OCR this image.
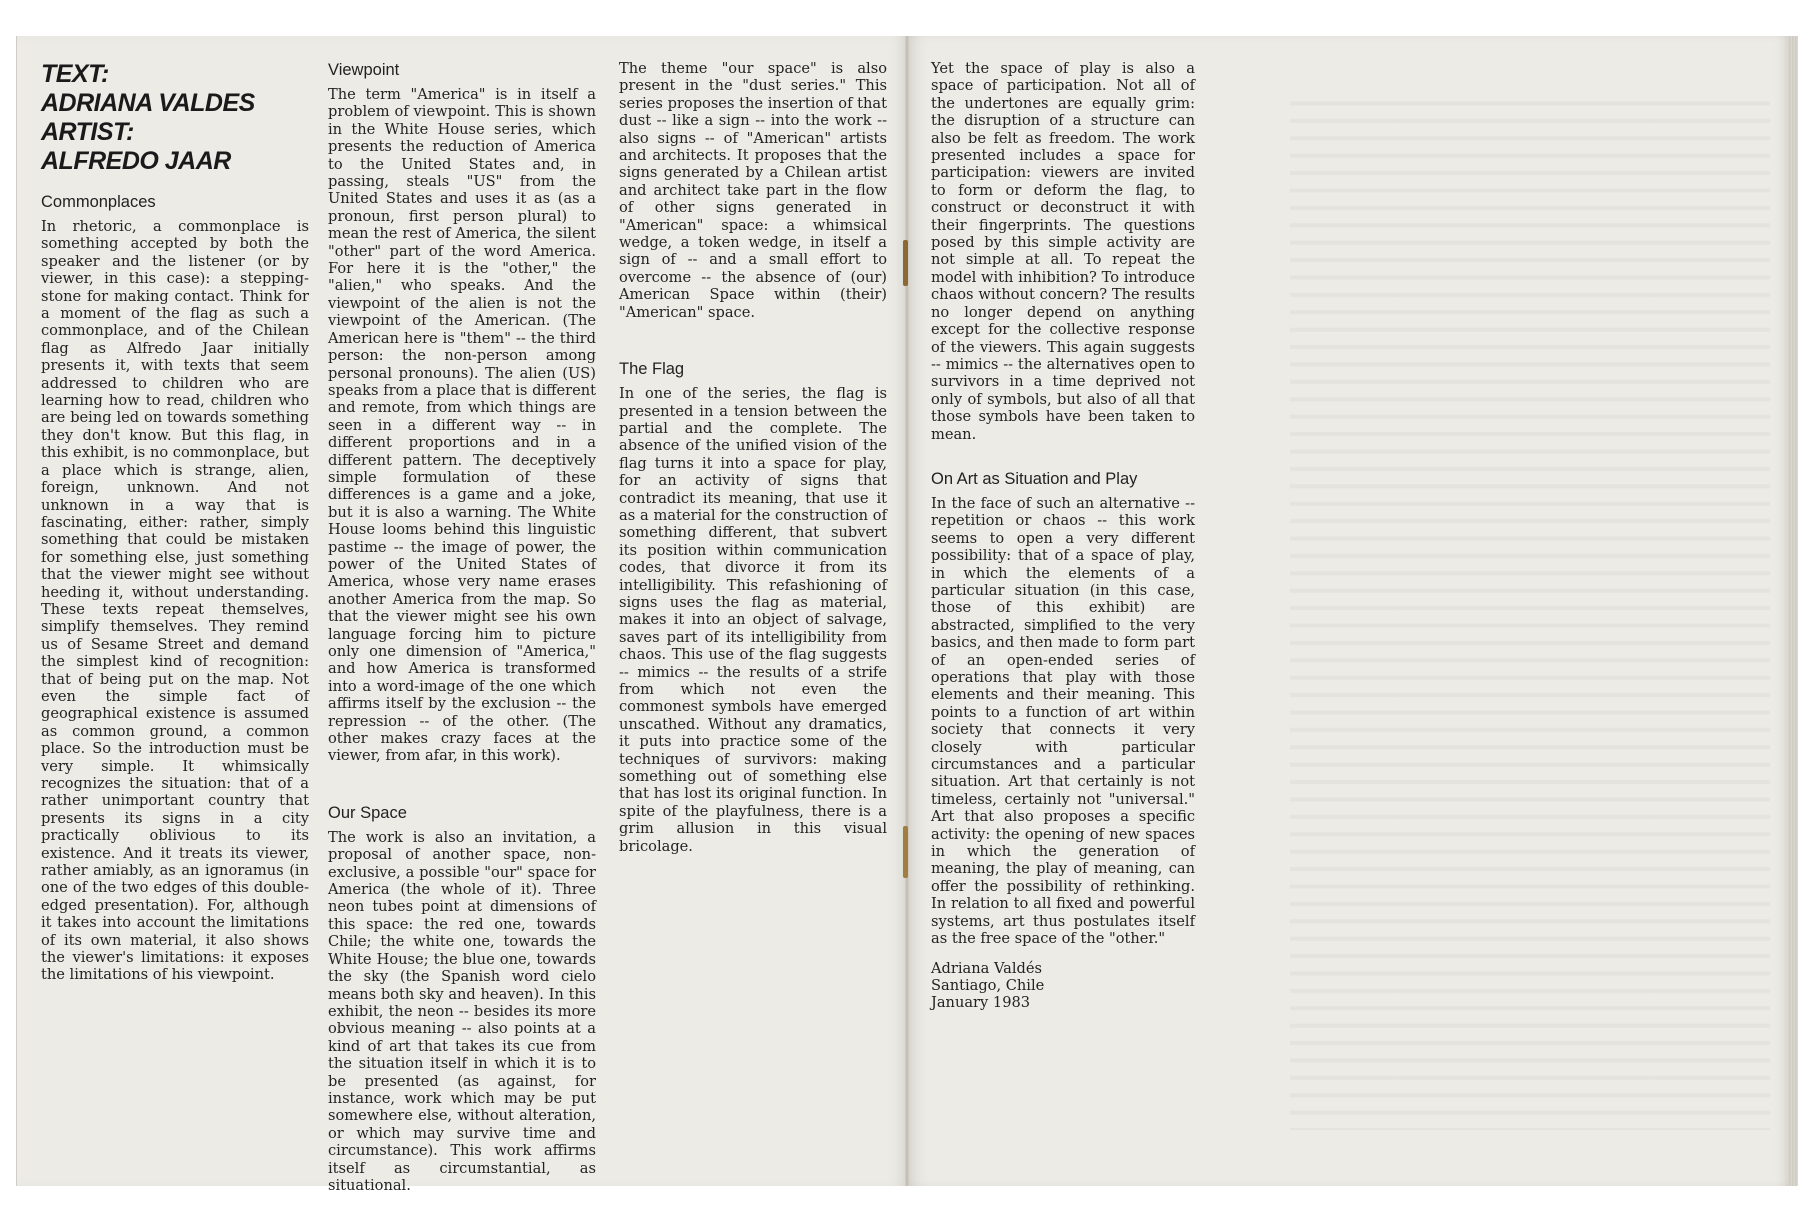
TEXT:

ADRIANA VALDES

ARTIST:

ALFREDO JAAR

Commonplaces

In rhetoric, a commonplace is something accepted by both the speaker and the listener (or by viewer, in this case): a stepping-stone for making contact. Think for a moment of the flag as such a commonplace, and of the Chilean flag as Alfredo Jaar initially presents it, with texts that seem addressed to children who are learning how to read, children who are being led on towards something they don't know. But this flag, in this exhibit, is no commonplace, but a place which is strange, alien, foreign, unknown. And not unknown in a way that is fascinating, either: rather, simply something that could be mistaken for something else, just something that the viewer might see without heeding it, without understanding. These texts repeat themselves, simplify themselves. They remind us of Sesame Street and demand the simplest kind of recognition: that of being put on the map. Not even the simple fact of geographical existence is assumed as common ground, a common place. So the introduction must be very simple. It whimsically recognizes the situation: that of a rather unimportant country that presents its signs in a city practically oblivious to its existence. And it treats its viewer, rather amiably, as an ignoramus (in one of the two edges of this double-edged presentation). For, although it takes into account the limitations of its own material, it also shows the viewer's limitations: it exposes the limitations of his viewpoint.

Viewpoint

The term "America" is in itself a problem of viewpoint. This is shown in the White House series, which presents the reduction of America to the United States and, in passing, steals "US" from the United States and uses it as (as a pronoun, first person plural) to mean the rest of America, the silent "other" part of the word America. For here it is the "other," the "alien," who speaks. And the viewpoint of the alien is not the viewpoint of the American. (The American here is "them" -- the third person: the non-person among personal pronouns). The alien (US) speaks from a place that is different and remote, from which things are seen in a different way -- in different proportions and in a different pattern. The deceptively simple formulation of these differences is a game and a joke, but it is also a warning. The White House looms behind this linguistic pastime -- the image of power, the power of the United States of America, whose very name erases another America from the map. So that the viewer might see his own language forcing him to picture only one dimension of "America," and how America is transformed into a word-image of the one which affirms itself by the exclusion -- the repression -- of the other. (The other makes crazy faces at the viewer, from afar, in this work).

Our Space

The work is also an invitation, a proposal of another space, non-exclusive, a possible "our" space for America (the whole of it). Three neon tubes point at dimensions of this space: the red one, towards Chile; the white one, towards the White House; the blue one, towards the sky (the Spanish word cielo means both sky and heaven). In this exhibit, the neon -- besides its more obvious meaning -- also points at a kind of art that takes its cue from the situation itself in which it is to be presented (as against, for instance, work which may be put somewhere else, without alteration, or which may survive time and circumstance). This work affirms itself as circumstantial, as situational.

The theme "our space" is also present in the "dust series." This series proposes the insertion of that dust -- like a sign -- into the work -- also signs -- of "American" artists and architects. It proposes that the signs generated by a Chilean artist and architect take part in the flow of other signs generated in "American" space: a whimsical wedge, a token wedge, in itself a sign of -- and a small effort to overcome -- the absence of (our) American Space within (their) "American" space.

The Flag

In one of the series, the flag is presented in a tension between the partial and the complete. The absence of the unified vision of the flag turns it into a space for play, for an activity of signs that contradict its meaning, that use it as a material for the construction of something different, that subvert its position within communication codes, that divorce it from its intelligibility. This refashioning of signs uses the flag as material, makes it into an object of salvage, saves part of its intelligibility from chaos. This use of the flag suggests -- mimics -- the results of a strife from which not even the commonest symbols have emerged unscathed. Without any dramatics, it puts into practice some of the techniques of survivors: making something out of something else that has lost its original function. In spite of the playfulness, there is a grim allusion in this visual bricolage.

Yet the space of play is also a space of participation. Not all of the undertones are equally grim: the disruption of a structure can also be felt as freedom. The work presented includes a space for participation: viewers are invited to form or deform the flag, to construct or deconstruct it with their fingerprints. The questions posed by this simple activity are not simple at all. To repeat the model with inhibition? To introduce chaos without concern? The results no longer depend on anything except for the collective response of the viewers. This again suggests -- mimics -- the alternatives open to survivors in a time deprived not only of symbols, but also of all that those symbols have been taken to mean.

On Art as Situation and Play

In the face of such an alternative -- repetition or chaos -- this work seems to open a very different possibility: that of a space of play, in which the elements of a particular situation (in this case, those of this exhibit) are abstracted, simplified to the very basics, and then made to form part of an open-ended series of operations that play with those elements and their meaning. This points to a function of art within society that connects it very closely with particular circumstances and a particular situation. Art that certainly is not timeless, certainly not "universal." Art that also proposes a specific activity: the opening of new spaces in which the generation of meaning, the play of meaning, can offer the possibility of rethinking. In relation to all fixed and powerful systems, art thus postulates itself as the free space of the "other."

Adriana Valdés

Santiago, Chile

January 1983
